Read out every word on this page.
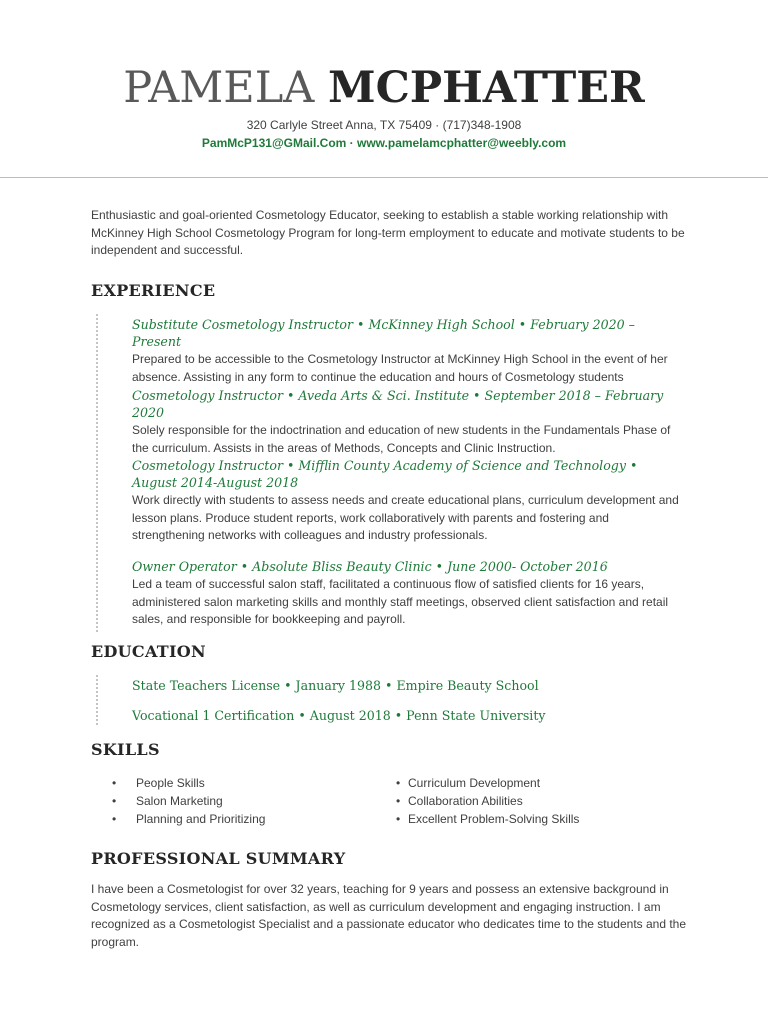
PAMELA MCPHATTER
320 Carlyle Street Anna, TX 75409 · (717)348-1908
PamMcP131@GMail.Com · www.pamelamcphatter@weebly.com
Enthusiastic and goal-oriented Cosmetology Educator, seeking to establish a stable working relationship with McKinney High School Cosmetology Program for long-term employment to educate and motivate students to be independent and successful.
EXPERIENCE
Substitute Cosmetology Instructor • McKinney High School • February 2020 – Present
Prepared to be accessible to the Cosmetology Instructor at McKinney High School in the event of her absence. Assisting in any form to continue the education and hours of Cosmetology students
Cosmetology Instructor • Aveda Arts & Sci. Institute • September 2018 – February 2020
Solely responsible for the indoctrination and education of new students in the Fundamentals Phase of the curriculum. Assists in the areas of Methods, Concepts and Clinic Instruction.
Cosmetology Instructor • Mifflin County Academy of Science and Technology • August 2014-August 2018
Work directly with students to assess needs and create educational plans, curriculum development and lesson plans. Produce student reports, work collaboratively with parents and fostering and strengthening networks with colleagues and industry professionals.
Owner Operator • Absolute Bliss Beauty Clinic • June 2000- October 2016
Led a team of successful salon staff, facilitated a continuous flow of satisfied clients for 16 years, administered salon marketing skills and monthly staff meetings, observed client satisfaction and retail sales, and responsible for bookkeeping and payroll.
EDUCATION
State Teachers License • January 1988 • Empire Beauty School
Vocational 1 Certification • August 2018 • Penn State University
SKILLS
• People Skills
• Salon Marketing
• Planning and Prioritizing
• Curriculum Development
• Collaboration Abilities
• Excellent Problem-Solving Skills
PROFESSIONAL SUMMARY
I have been a Cosmetologist for over 32 years, teaching for 9 years and possess an extensive background in Cosmetology services, client satisfaction, as well as curriculum development and engaging instruction. I am recognized as a Cosmetologist Specialist and a passionate educator who dedicates time to the students and the program.
